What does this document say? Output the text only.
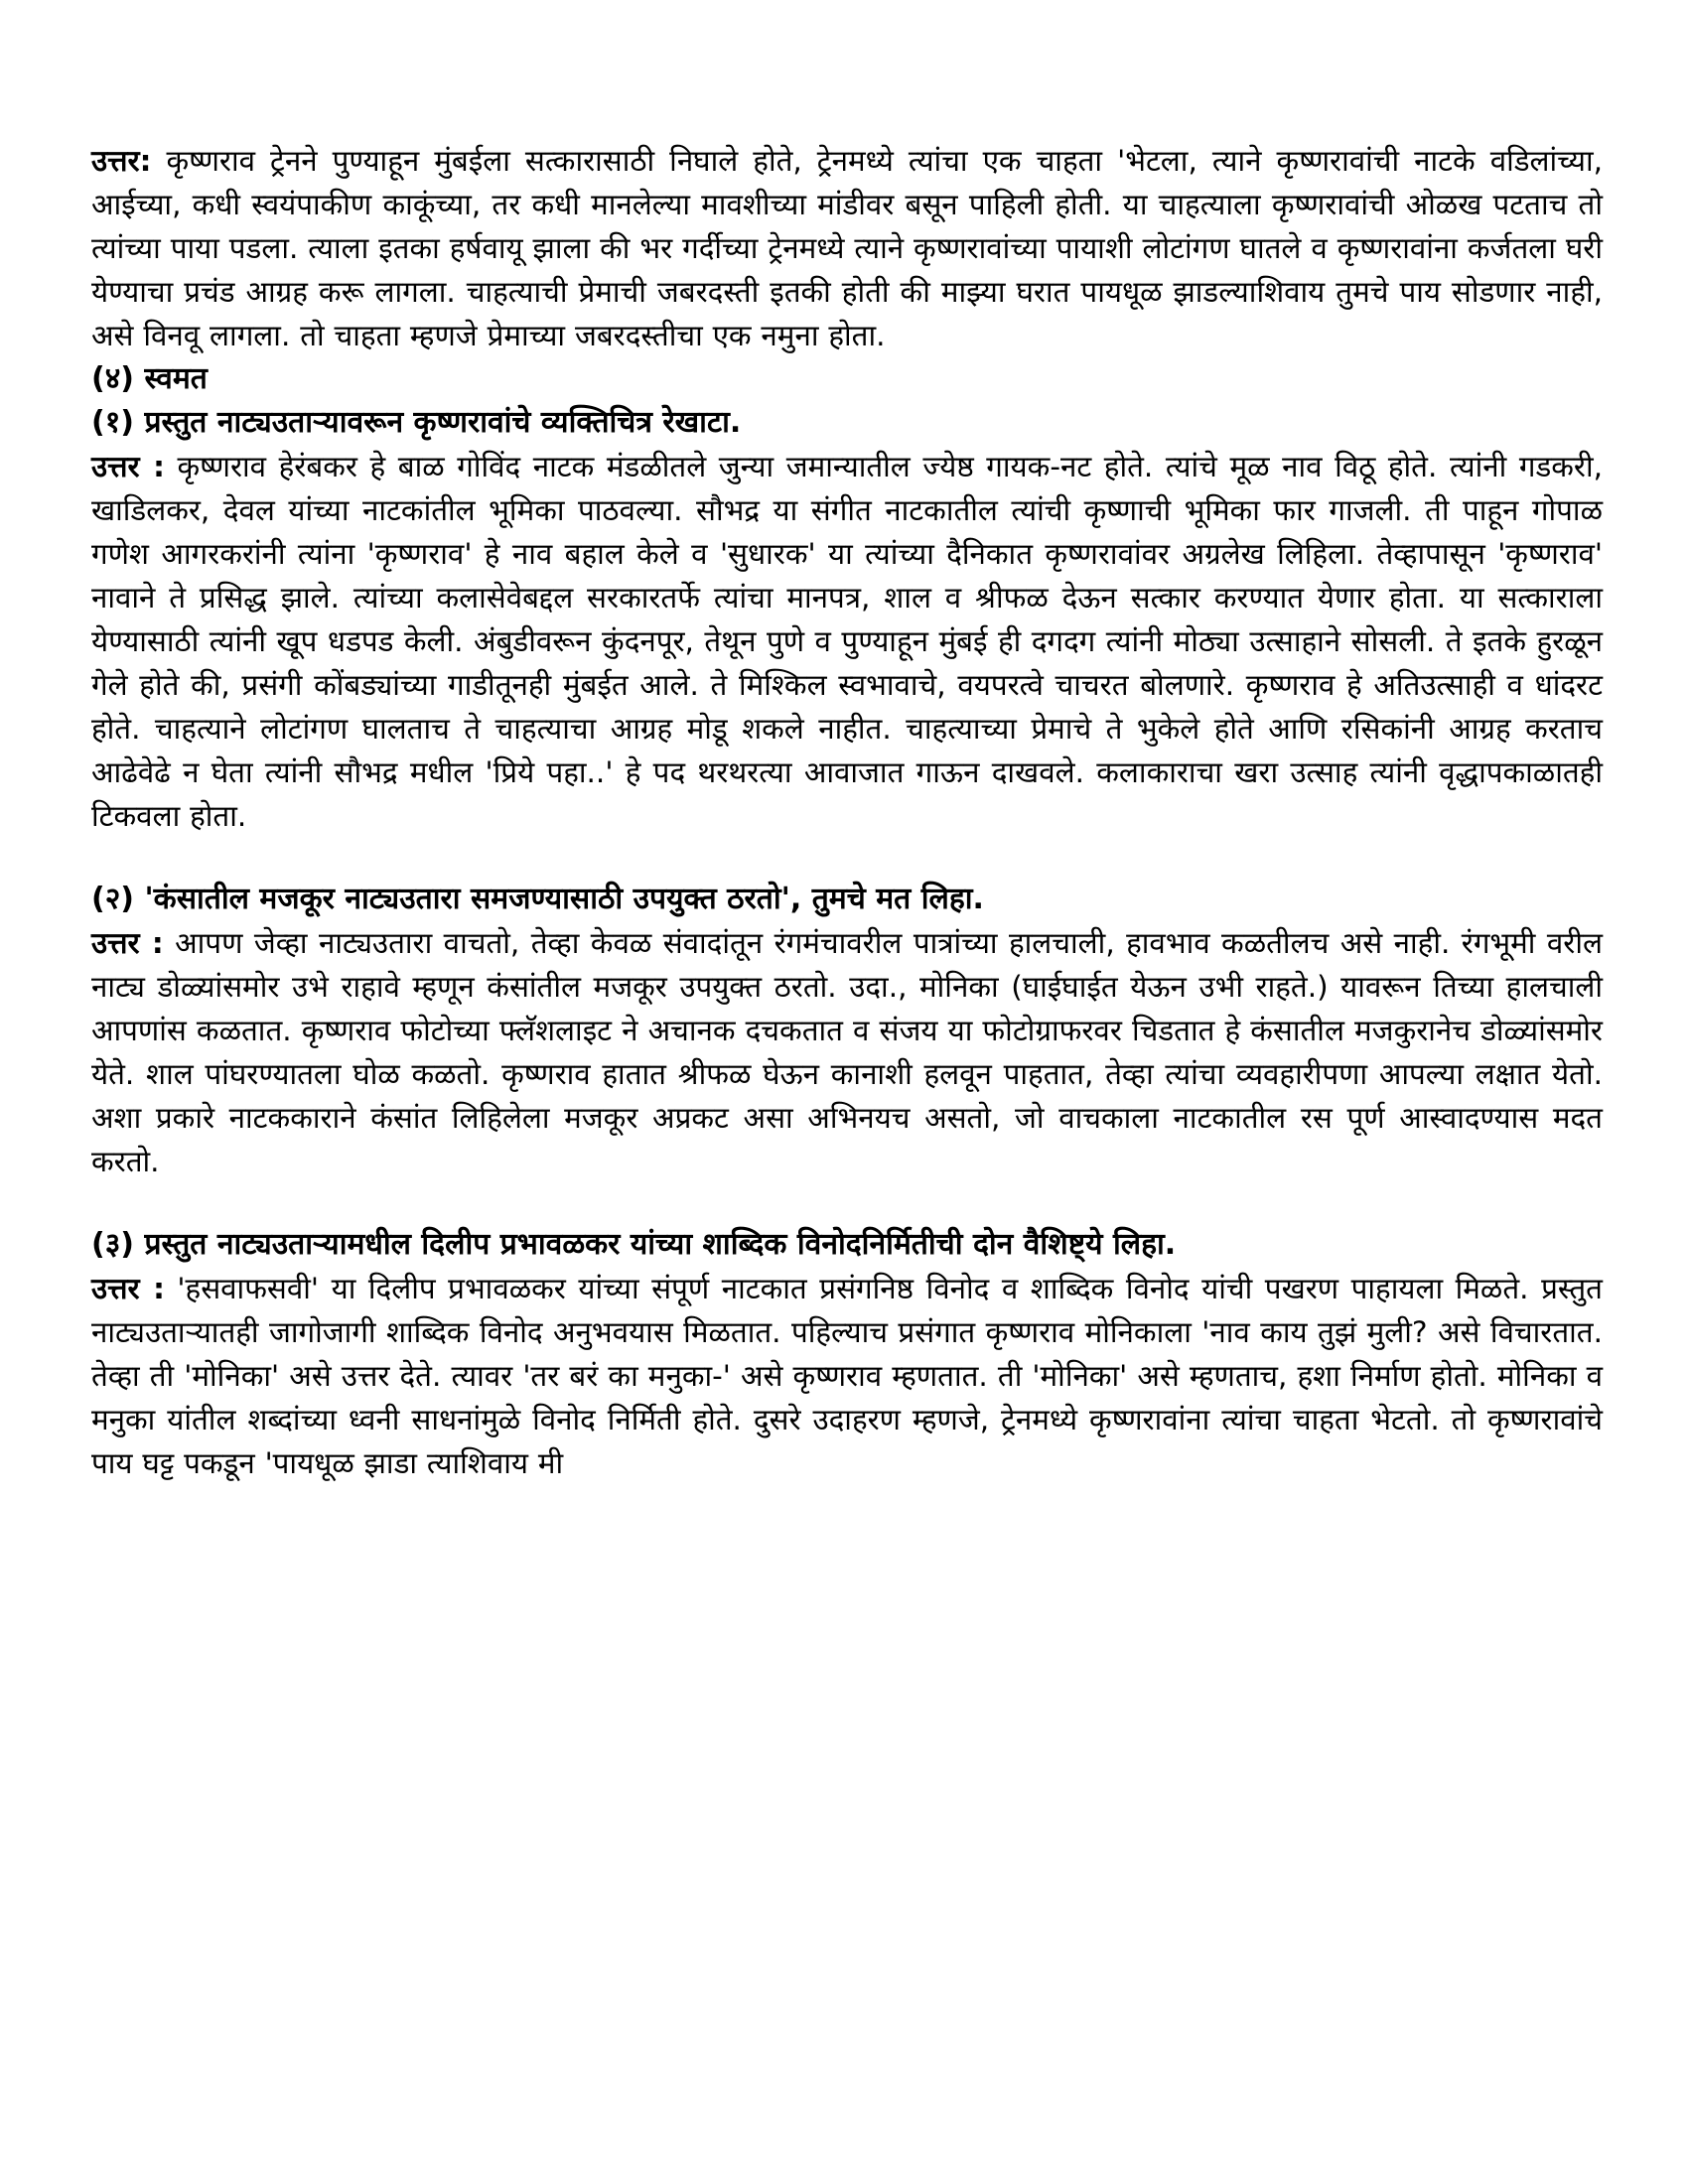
उत्तर: कृष्णराव ट्रेनने पुण्याहून मुंबईला सत्कारासाठी निघाले होते, ट्रेनमध्ये त्यांचा एक चाहता 'भेटला, त्याने कृष्णरावांची नाटके वडिलांच्या, आईच्या, कधी स्वयंपाकीण काकूंच्या, तर कधी मानलेल्या मावशीच्या मांडीवर बसून पाहिली होती. या चाहत्याला कृष्णरावांची ओळख पटताच तो त्यांच्या पाया पडला. त्याला इतका हर्षवायू झाला की भर गर्दीच्या ट्रेनमध्ये त्याने कृष्णरावांच्या पायाशी लोटांगण घातले व कृष्णरावांना कर्जतला घरी येण्याचा प्रचंड आग्रह करू लागला. चाहत्याची प्रेमाची जबरदस्ती इतकी होती की माझ्या घरात पायधूळ झाडल्याशिवाय तुमचे पाय सोडणार नाही, असे विनवू लागला. तो चाहता म्हणजे प्रेमाच्या जबरदस्तीचा एक नमुना होता.

(४) स्वमत

(१) प्रस्तुत नाट्यउताऱ्यावरून कृष्णरावांचे व्यक्तिचित्र रेखाटा.

उत्तर : कृष्णराव हेरंबकर हे बाळ गोविंद नाटक मंडळीतले जुन्या जमान्यातील ज्येष्ठ गायक-नट होते. त्यांचे मूळ नाव विठू होते. त्यांनी गडकरी, खाडिलकर, देवल यांच्या नाटकांतील भूमिका पाठवल्या. सौभद्र या संगीत नाटकातील त्यांची कृष्णाची भूमिका फार गाजली. ती पाहून गोपाळ गणेश आगरकरांनी त्यांना 'कृष्णराव' हे नाव बहाल केले व 'सुधारक' या त्यांच्या दैनिकात कृष्णरावांवर अग्रलेख लिहिला. तेव्हापासून 'कृष्णराव' नावाने ते प्रसिद्ध झाले. त्यांच्या कलासेवेबद्दल सरकारतर्फे त्यांचा मानपत्र, शाल व श्रीफळ देऊन सत्कार करण्यात येणार होता. या सत्काराला येण्यासाठी त्यांनी खूप धडपड केली. अंबुडीवरून कुंदनपूर, तेथून पुणे व पुण्याहून मुंबई ही दगदग त्यांनी मोठ्या उत्साहाने सोसली. ते इतके हुरळून गेले होते की, प्रसंगी कोंबड्यांच्या गाडीतूनही मुंबईत आले. ते मिश्किल स्वभावाचे, वयपरत्वे चाचरत बोलणारे. कृष्णराव हे अतिउत्साही व धांदरट होते. चाहत्याने लोटांगण घालताच ते चाहत्याचा आग्रह मोडू शकले नाहीत. चाहत्याच्या प्रेमाचे ते भुकेले होते आणि रसिकांनी आग्रह करताच आढेवेढे न घेता त्यांनी सौभद्र मधील 'प्रिये पहा..' हे पद थरथरत्या आवाजात गाऊन दाखवले. कलाकाराचा खरा उत्साह त्यांनी वृद्धापकाळातही टिकवला होता.

(२) 'कंसातील मजकूर नाट्यउतारा समजण्यासाठी उपयुक्त ठरतो', तुमचे मत लिहा.

उत्तर : आपण जेव्हा नाट्यउतारा वाचतो, तेव्हा केवळ संवादांतून रंगमंचावरील पात्रांच्या हालचाली, हावभाव कळतीलच असे नाही. रंगभूमी वरील नाट्य डोळ्यांसमोर उभे राहावे म्हणून कंसांतील मजकूर उपयुक्त ठरतो. उदा., मोनिका (घाईघाईत येऊन उभी राहते.) यावरून तिच्या हालचाली आपणांस कळतात. कृष्णराव फोटोच्या फ्लॅशलाइट ने अचानक दचकतात व संजय या फोटोग्राफरवर चिडतात हे कंसातील मजकुरानेच डोळ्यांसमोर येते. शाल पांघरण्यातला घोळ कळतो. कृष्णराव हातात श्रीफळ घेऊन कानाशी हलवून पाहतात, तेव्हा त्यांचा व्यवहारीपणा आपल्या लक्षात येतो. अशा प्रकारे नाटककाराने कंसांत लिहिलेला मजकूर अप्रकट असा अभिनयच असतो, जो वाचकाला नाटकातील रस पूर्ण आस्वादण्यास मदत करतो.

(३) प्रस्तुत नाट्यउताऱ्यामधील दिलीप प्रभावळकर यांच्या शाब्दिक विनोदनिर्मितीची दोन वैशिष्ट्ये लिहा.

उत्तर : 'हसवाफसवी' या दिलीप प्रभावळकर यांच्या संपूर्ण नाटकात प्रसंगनिष्ठ विनोद व शाब्दिक विनोद यांची पखरण पाहायला मिळते. प्रस्तुत नाट्यउताऱ्यातही जागोजागी शाब्दिक विनोद अनुभवयास मिळतात. पहिल्याच प्रसंगात कृष्णराव मोनिकाला 'नाव काय तुझं मुली? असे विचारतात. तेव्हा ती 'मोनिका' असे उत्तर देते. त्यावर 'तर बरं का मनुका-' असे कृष्णराव म्हणतात. ती 'मोनिका' असे म्हणताच, हशा निर्माण होतो. मोनिका व मनुका यांतील शब्दांच्या ध्वनी साधनांमुळे विनोद निर्मिती होते. दुसरे उदाहरण म्हणजे, ट्रेनमध्ये कृष्णरावांना त्यांचा चाहता भेटतो. तो कृष्णरावांचे पाय घट्ट पकडून 'पायधूळ झाडा त्याशिवाय मी
